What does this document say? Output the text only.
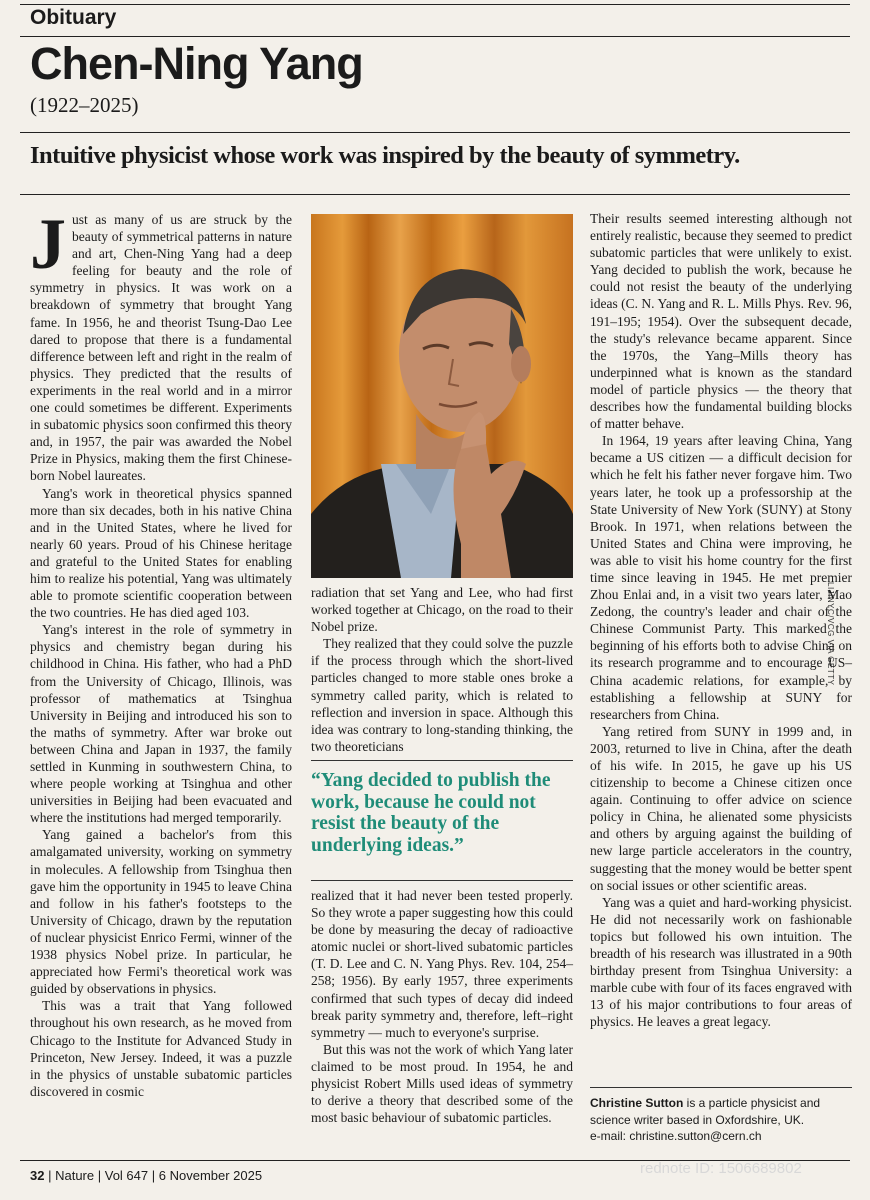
Obituary
Chen-Ning Yang
(1922–2025)
Intuitive physicist whose work was inspired by the beauty of symmetry.

Just as many of us are struck by the beauty of symmetrical patterns in nature and art, Chen-Ning Yang had a deep feeling for beauty and the role of symmetry in physics. It was work on a breakdown of symmetry that brought Yang fame. In 1956, he and theorist Tsung-Dao Lee dared to propose that there is a fundamental difference between left and right in the realm of physics. They predicted that the results of experiments in the real world and in a mirror one could sometimes be different. Experiments in subatomic physics soon confirmed this theory and, in 1957, the pair was awarded the Nobel Prize in Physics, making them the first Chinese-born Nobel laureates.

Yang's work in theoretical physics spanned more than six decades, both in his native China and in the United States, where he lived for nearly 60 years. Proud of his Chinese heritage and grateful to the United States for enabling him to realize his potential, Yang was ultimately able to promote scientific cooperation between the two countries. He has died aged 103.

Yang's interest in the role of symmetry in physics and chemistry began during his childhood in China. His father, who had a PhD from the University of Chicago, Illinois, was professor of mathematics at Tsinghua University in Beijing and introduced his son to the maths of symmetry. After war broke out between China and Japan in 1937, the family settled in Kunming in southwestern China, to where people working at Tsinghua and other universities in Beijing had been evacuated and where the institutions had merged temporarily.

Yang gained a bachelor's from this amalgamated university, working on symmetry in molecules. A fellowship from Tsinghua then gave him the opportunity in 1945 to leave China and follow in his father's footsteps to the University of Chicago, drawn by the reputation of nuclear physicist Enrico Fermi, winner of the 1938 physics Nobel prize. In particular, he appreciated how Fermi's theoretical work was guided by observations in physics.

This was a trait that Yang followed throughout his own research, as he moved from Chicago to the Institute for Advanced Study in Princeton, New Jersey. Indeed, it was a puzzle in the physics of unstable subatomic particles discovered in cosmic

LIJINYC/VCG VIA GETTY

radiation that set Yang and Lee, who had first worked together at Chicago, on the road to their Nobel prize.

They realized that they could solve the puzzle if the process through which the short-lived particles changed to more stable ones broke a symmetry called parity, which is related to reflection and inversion in space. Although this idea was contrary to long-standing thinking, the two theoreticians

“Yang decided to publish the work, because he could not resist the beauty of the underlying ideas.”

realized that it had never been tested properly. So they wrote a paper suggesting how this could be done by measuring the decay of radioactive atomic nuclei or short-lived subatomic particles (T. D. Lee and C. N. Yang Phys. Rev. 104, 254–258; 1956). By early 1957, three experiments confirmed that such types of decay did indeed break parity symmetry and, therefore, left–right symmetry — much to everyone's surprise.

But this was not the work of which Yang later claimed to be most proud. In 1954, he and physicist Robert Mills used ideas of symmetry to derive a theory that described some of the most basic behaviour of subatomic particles.

Their results seemed interesting although not entirely realistic, because they seemed to predict subatomic particles that were unlikely to exist. Yang decided to publish the work, because he could not resist the beauty of the underlying ideas (C. N. Yang and R. L. Mills Phys. Rev. 96, 191–195; 1954). Over the subsequent decade, the study's relevance became apparent. Since the 1970s, the Yang–Mills theory has underpinned what is known as the standard model of particle physics — the theory that describes how the fundamental building blocks of matter behave.

In 1964, 19 years after leaving China, Yang became a US citizen — a difficult decision for which he felt his father never forgave him. Two years later, he took up a professorship at the State University of New York (SUNY) at Stony Brook. In 1971, when relations between the United States and China were improving, he was able to visit his home country for the first time since leaving in 1945. He met premier Zhou Enlai and, in a visit two years later, Mao Zedong, the country's leader and chair of the Chinese Communist Party. This marked the beginning of his efforts both to advise China on its research programme and to encourage US–China academic relations, for example, by establishing a fellowship at SUNY for researchers from China.

Yang retired from SUNY in 1999 and, in 2003, returned to live in China, after the death of his wife. In 2015, he gave up his US citizenship to become a Chinese citizen once again. Continuing to offer advice on science policy in China, he alienated some physicists and others by arguing against the building of new large particle accelerators in the country, suggesting that the money would be better spent on social issues or other scientific areas.

Yang was a quiet and hard-working physicist. He did not necessarily work on fashionable topics but followed his own intuition. The breadth of his research was illustrated in a 90th birthday present from Tsinghua University: a marble cube with four of its faces engraved with 13 of his major contributions to four areas of physics. He leaves a great legacy.

Christine Sutton is a particle physicist and science writer based in Oxfordshire, UK.
e-mail: christine.sutton@cern.ch
32 | Nature | Vol 647 | 6 November 2025	rednote ID: 1506689802
